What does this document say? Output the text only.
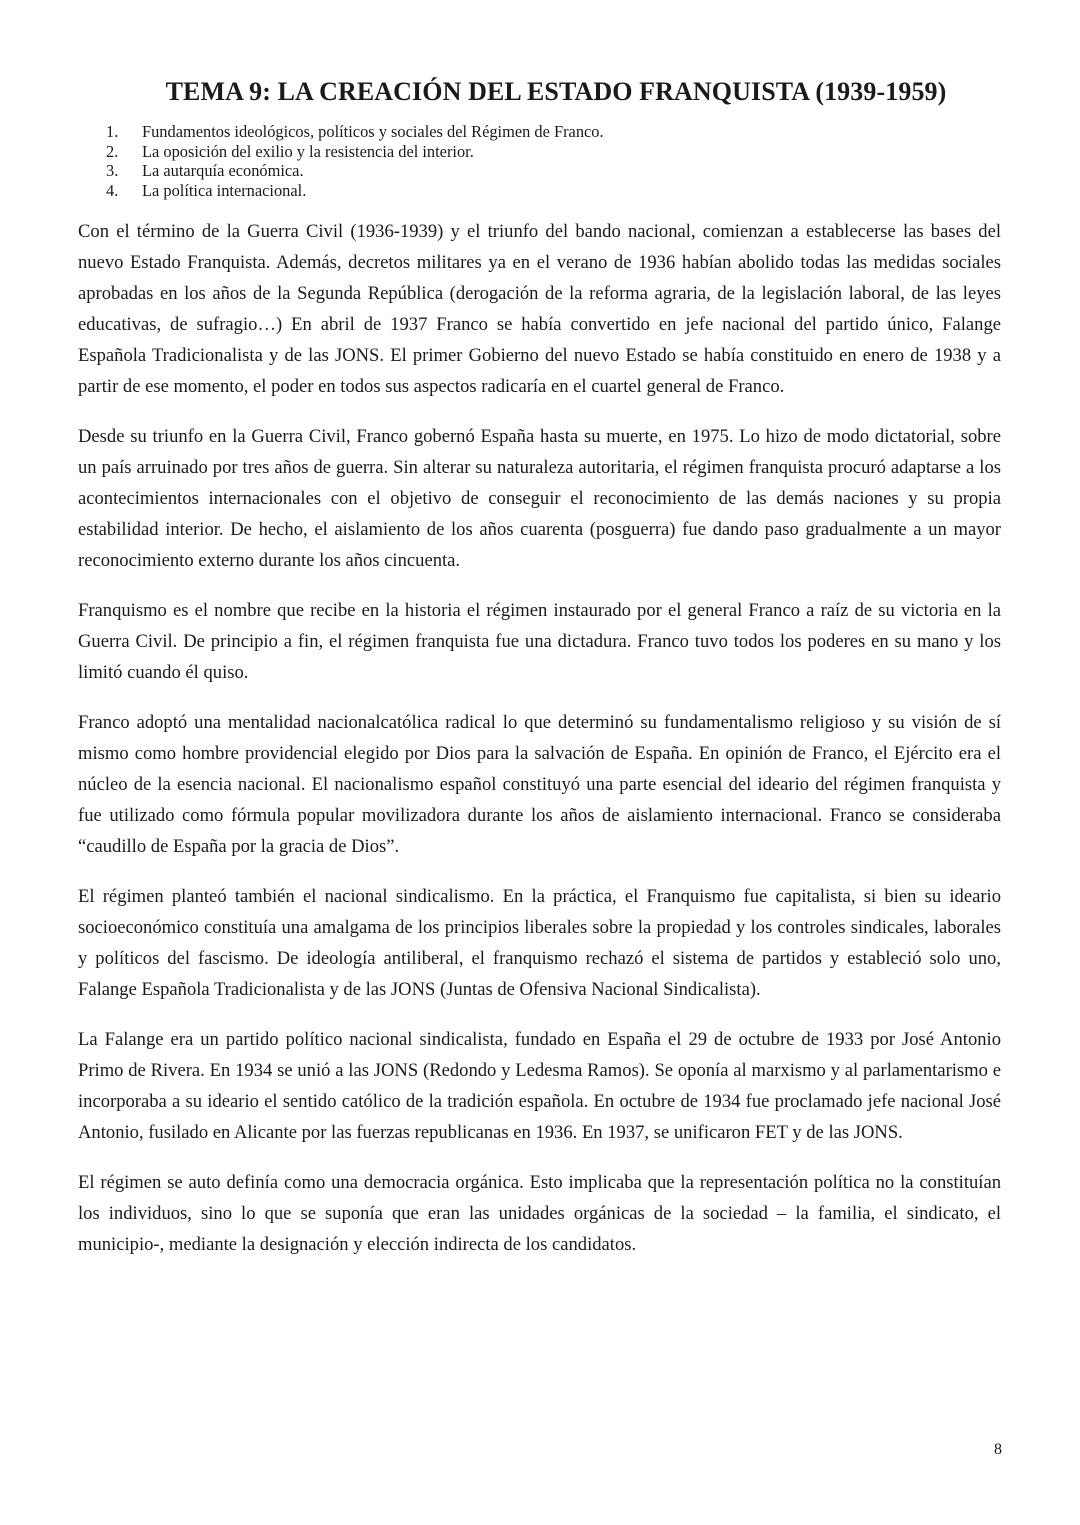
TEMA 9: LA CREACIÓN DEL ESTADO FRANQUISTA (1939-1959)
1.	Fundamentos ideológicos, políticos y sociales del Régimen de Franco.
2.	La oposición del exilio y la resistencia del interior.
3.	La autarquía económica.
4.	La política internacional.

Con el término de la Guerra Civil (1936-1939) y el triunfo del bando nacional, comienzan a establecerse las bases del nuevo Estado Franquista. Además, decretos militares ya en el verano de 1936 habían abolido todas las medidas sociales aprobadas en los años de la Segunda República (derogación de la reforma agraria, de la legislación laboral, de las leyes educativas, de sufragio…) En abril de 1937 Franco se había convertido en jefe nacional del partido único, Falange Española Tradicionalista y de las JONS. El primer Gobierno del nuevo Estado se había constituido en enero de 1938 y a partir de ese momento, el poder en todos sus aspectos radicaría en el cuartel general de Franco.

Desde su triunfo en la Guerra Civil, Franco gobernó España hasta su muerte, en 1975. Lo hizo de modo dictatorial, sobre un país arruinado por tres años de guerra. Sin alterar su naturaleza autoritaria, el régimen franquista procuró adaptarse a los acontecimientos internacionales con el objetivo de conseguir el reconocimiento de las demás naciones y su propia estabilidad interior. De hecho, el aislamiento de los años cuarenta (posguerra) fue dando paso gradualmente a un mayor reconocimiento externo durante los años cincuenta.

Franquismo es el nombre que recibe en la historia el régimen instaurado por el general Franco a raíz de su victoria en la Guerra Civil. De principio a fin, el régimen franquista fue una dictadura. Franco tuvo todos los poderes en su mano y los limitó cuando él quiso.

Franco adoptó una mentalidad nacionalcatólica radical lo que determinó su fundamentalismo religioso y su visión de sí mismo como hombre providencial elegido por Dios para la salvación de España. En opinión de Franco, el Ejército era el núcleo de la esencia nacional. El nacionalismo español constituyó una parte esencial del ideario del régimen franquista y fue utilizado como fórmula popular movilizadora durante los años de aislamiento internacional. Franco se consideraba “caudillo de España por la gracia de Dios”.

El régimen planteó también el nacional sindicalismo. En la práctica, el Franquismo fue capitalista, si bien su ideario socioeconómico constituía una amalgama de los principios liberales sobre la propiedad y los controles sindicales, laborales y políticos del fascismo. De ideología antiliberal, el franquismo rechazó el sistema de partidos y estableció solo uno, Falange Española Tradicionalista y de las JONS (Juntas de Ofensiva Nacional Sindicalista).

La Falange era un partido político nacional sindicalista, fundado en España el 29 de octubre de 1933 por José Antonio Primo de Rivera. En 1934 se unió a las JONS (Redondo y Ledesma Ramos). Se oponía al marxismo y al parlamentarismo e incorporaba a su ideario el sentido católico de la tradición española. En octubre de 1934 fue proclamado jefe nacional José Antonio, fusilado en Alicante por las fuerzas republicanas en 1936. En 1937, se unificaron FET y de las JONS.

El régimen se auto definía como una democracia orgánica. Esto implicaba que la representación política no la constituían los individuos, sino lo que se suponía que eran las unidades orgánicas de la sociedad – la familia, el sindicato, el municipio-, mediante la designación y elección indirecta de los candidatos.

8
